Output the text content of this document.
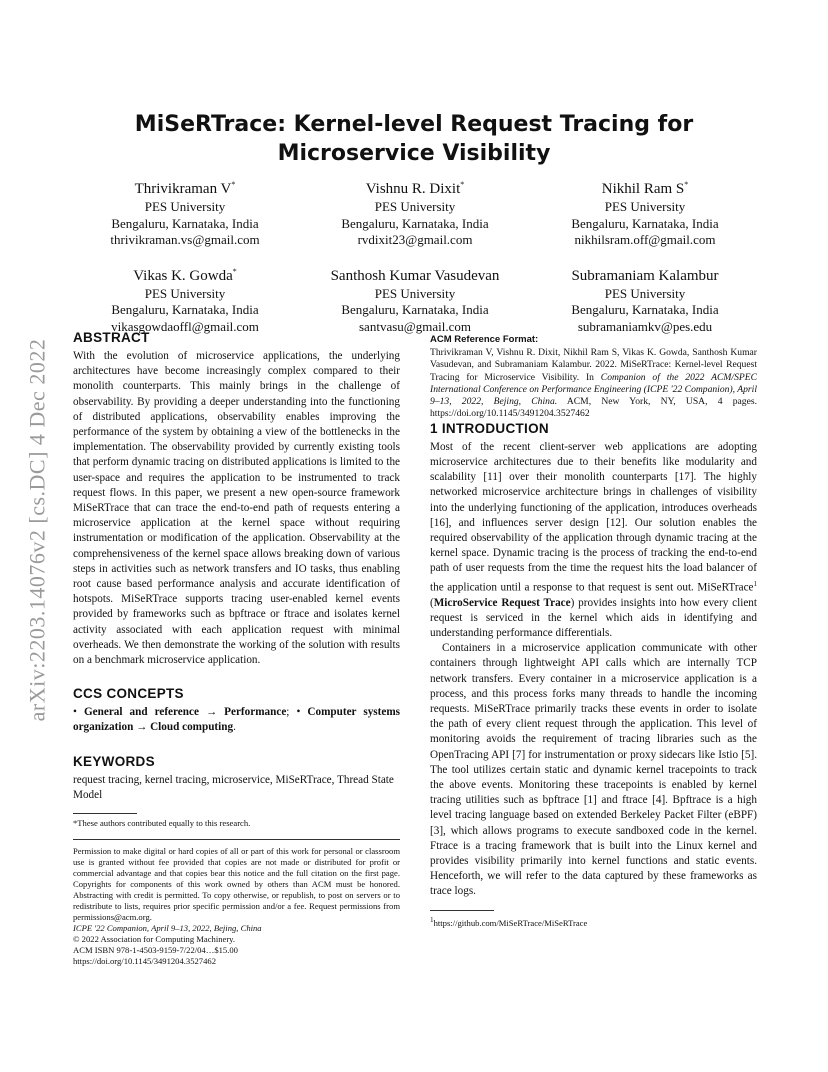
arXiv:2203.14076v2 [cs.DC] 4 Dec 2022
MiSeRTrace: Kernel-level Request Tracing for Microservice Visibility
Thrivikraman V*
PES University
Bengaluru, Karnataka, India
thrivikraman.vs@gmail.com
Vishnu R. Dixit*
PES University
Bengaluru, Karnataka, India
rvdixit23@gmail.com
Nikhil Ram S*
PES University
Bengaluru, Karnataka, India
nikhilsram.off@gmail.com
Vikas K. Gowda*
PES University
Bengaluru, Karnataka, India
vikasgowdaoffl@gmail.com
Santhosh Kumar Vasudevan
PES University
Bengaluru, Karnataka, India
santvasu@gmail.com
Subramaniam Kalambur
PES University
Bengaluru, Karnataka, India
subramaniamkv@pes.edu
ABSTRACT

With the evolution of microservice applications, the underlying architectures have become increasingly complex compared to their monolith counterparts. This mainly brings in the challenge of observability. By providing a deeper understanding into the functioning of distributed applications, observability enables improving the performance of the system by obtaining a view of the bottlenecks in the implementation. The observability provided by currently existing tools that perform dynamic tracing on distributed applications is limited to the user-space and requires the application to be instrumented to track request flows. In this paper, we present a new open-source framework MiSeRTrace that can trace the end-to-end path of requests entering a microservice application at the kernel space without requiring instrumentation or modification of the application. Observability at the comprehensiveness of the kernel space allows breaking down of various steps in activities such as network transfers and IO tasks, thus enabling root cause based performance analysis and accurate identification of hotspots. MiSeRTrace supports tracing user-enabled kernel events provided by frameworks such as bpftrace or ftrace and isolates kernel activity associated with each application request with minimal overheads. We then demonstrate the working of the solution with results on a benchmark microservice application.

CCS CONCEPTS

• General and reference → Performance; • Computer systems organization → Cloud computing.

KEYWORDS

request tracing, kernel tracing, microservice, MiSeRTrace, Thread State Model

*These authors contributed equally to this research.

Permission to make digital or hard copies of all or part of this work for personal or classroom use is granted without fee provided that copies are not made or distributed for profit or commercial advantage and that copies bear this notice and the full citation on the first page. Copyrights for components of this work owned by others than ACM must be honored. Abstracting with credit is permitted. To copy otherwise, or republish, to post on servers or to redistribute to lists, requires prior specific permission and/or a fee. Request permissions from permissions@acm.org.

ICPE '22 Companion, April 9–13, 2022, Bejing, China

© 2022 Association for Computing Machinery.

ACM ISBN 978-1-4503-9159-7/22/04…$15.00

https://doi.org/10.1145/3491204.3527462

ACM Reference Format:

Thrivikraman V, Vishnu R. Dixit, Nikhil Ram S, Vikas K. Gowda, Santhosh Kumar Vasudevan, and Subramaniam Kalambur. 2022. MiSeRTrace: Kernel-level Request Tracing for Microservice Visibility. In Companion of the 2022 ACM/SPEC International Conference on Performance Engineering (ICPE '22 Companion), April 9–13, 2022, Bejing, China. ACM, New York, NY, USA, 4 pages. https://doi.org/10.1145/3491204.3527462

1 INTRODUCTION

Most of the recent client-server web applications are adopting microservice architectures due to their benefits like modularity and scalability [11] over their monolith counterparts [17]. The highly networked microservice architecture brings in challenges of visibility into the underlying functioning of the application, introduces overheads [16], and influences server design [12]. Our solution enables the required observability of the application through dynamic tracing at the kernel space. Dynamic tracing is the process of tracking the end-to-end path of user requests from the time the request hits the load balancer of the application until a response to that request is sent out. MiSeRTrace$^1$ (MicroService Request Trace) provides insights into how every client request is serviced in the kernel which aids in identifying and understanding performance differentials.

Containers in a microservice application communicate with other containers through lightweight API calls which are internally TCP network transfers. Every container in a microservice application is a process, and this process forks many threads to handle the incoming requests. MiSeRTrace primarily tracks these events in order to isolate the path of every client request through the application. This level of monitoring avoids the requirement of tracing libraries such as the OpenTracing API [7] for instrumentation or proxy sidecars like Istio [5]. The tool utilizes certain static and dynamic kernel tracepoints to track the above events. Monitoring these tracepoints is enabled by kernel tracing utilities such as bpftrace [1] and ftrace [4]. Bpftrace is a high level tracing language based on extended Berkeley Packet Filter (eBPF) [3], which allows programs to execute sandboxed code in the kernel. Ftrace is a tracing framework that is built into the Linux kernel and provides visibility primarily into kernel functions and static events. Henceforth, we will refer to the data captured by these frameworks as trace logs.

$^1$https://github.com/MiSeRTrace/MiSeRTrace
